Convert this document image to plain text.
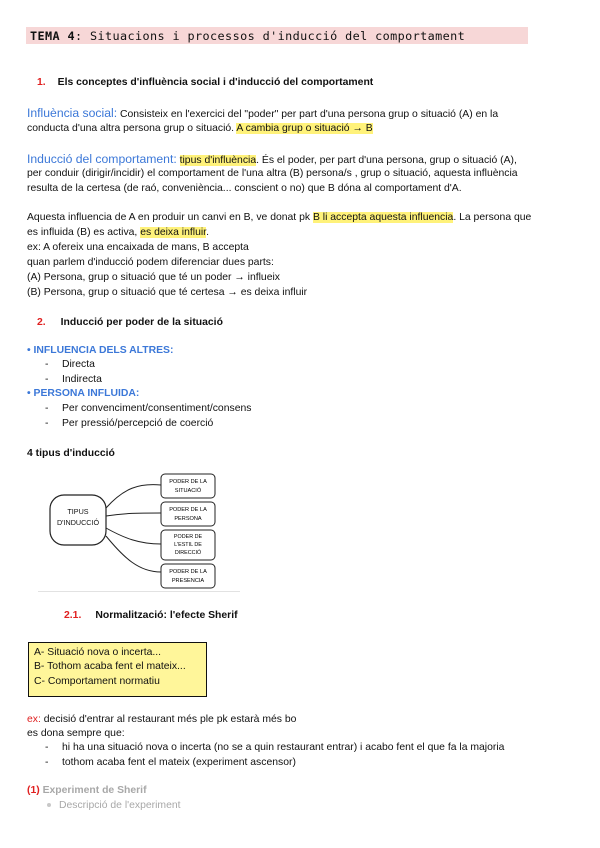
TEMA 4: Situacions i processos d'inducció del comportament
1. Els conceptes d'influència social i d'inducció del comportament
Influència social: Consisteix en l'exercici del "poder" per part d'una persona grup o situació (A) en la
conducta d'una altra persona grup o situació. A cambia grup o situació → B
Inducció del comportament: tipus d'influència. És el poder, per part d'una persona, grup o situació (A),
per conduir (dirigir/incidir) el comportament de l'una altra (B) persona/s , grup o situació, aquesta influència
resulta de la certesa (de raó, conveniència... conscient o no) que B dóna al comportament d'A.
Aquesta influencia de A en produir un canvi en B, ve donat pk B li accepta aquesta influencia. La persona que
es influida (B) es activa, es deixa influir.
ex: A ofereix una encaixada de mans, B accepta
quan parlem d'inducció podem diferenciar dues parts:
(A) Persona, grup o situació que té un poder → influeix
(B) Persona, grup o situació que té certesa → es deixa influir
2. Inducció per poder de la situació
• INFLUENCIA DELS ALTRES:
- Directa
- Indirecta
• PERSONA INFLUIDA:
- Per convenciment/consentiment/consens
- Per pressió/percepció de coerció
4 tipus d'inducció
TIPUS
D'INDUCCIÓ
PODER DE LA
SITUACIÓ
PODER DE LA
PERSONA
PODER DE
L'ESTIL DE
DIRECCIÓ
PODER DE LA
PRESENCIA
2.1. Normalització: l'efecte Sherif
A- Situació nova o incerta...
B- Tothom acaba fent el mateix...
C- Comportament normatiu
ex: decisió d'entrar al restaurant més ple pk estarà més bo
es dona sempre que:
- hi ha una situació nova o incerta (no se a quin restaurant entrar) i acabo fent el que fa la majoria
- tothom acaba fent el mateix (experiment ascensor)
(1) Experiment de Sherif
Descripció de l'experiment
